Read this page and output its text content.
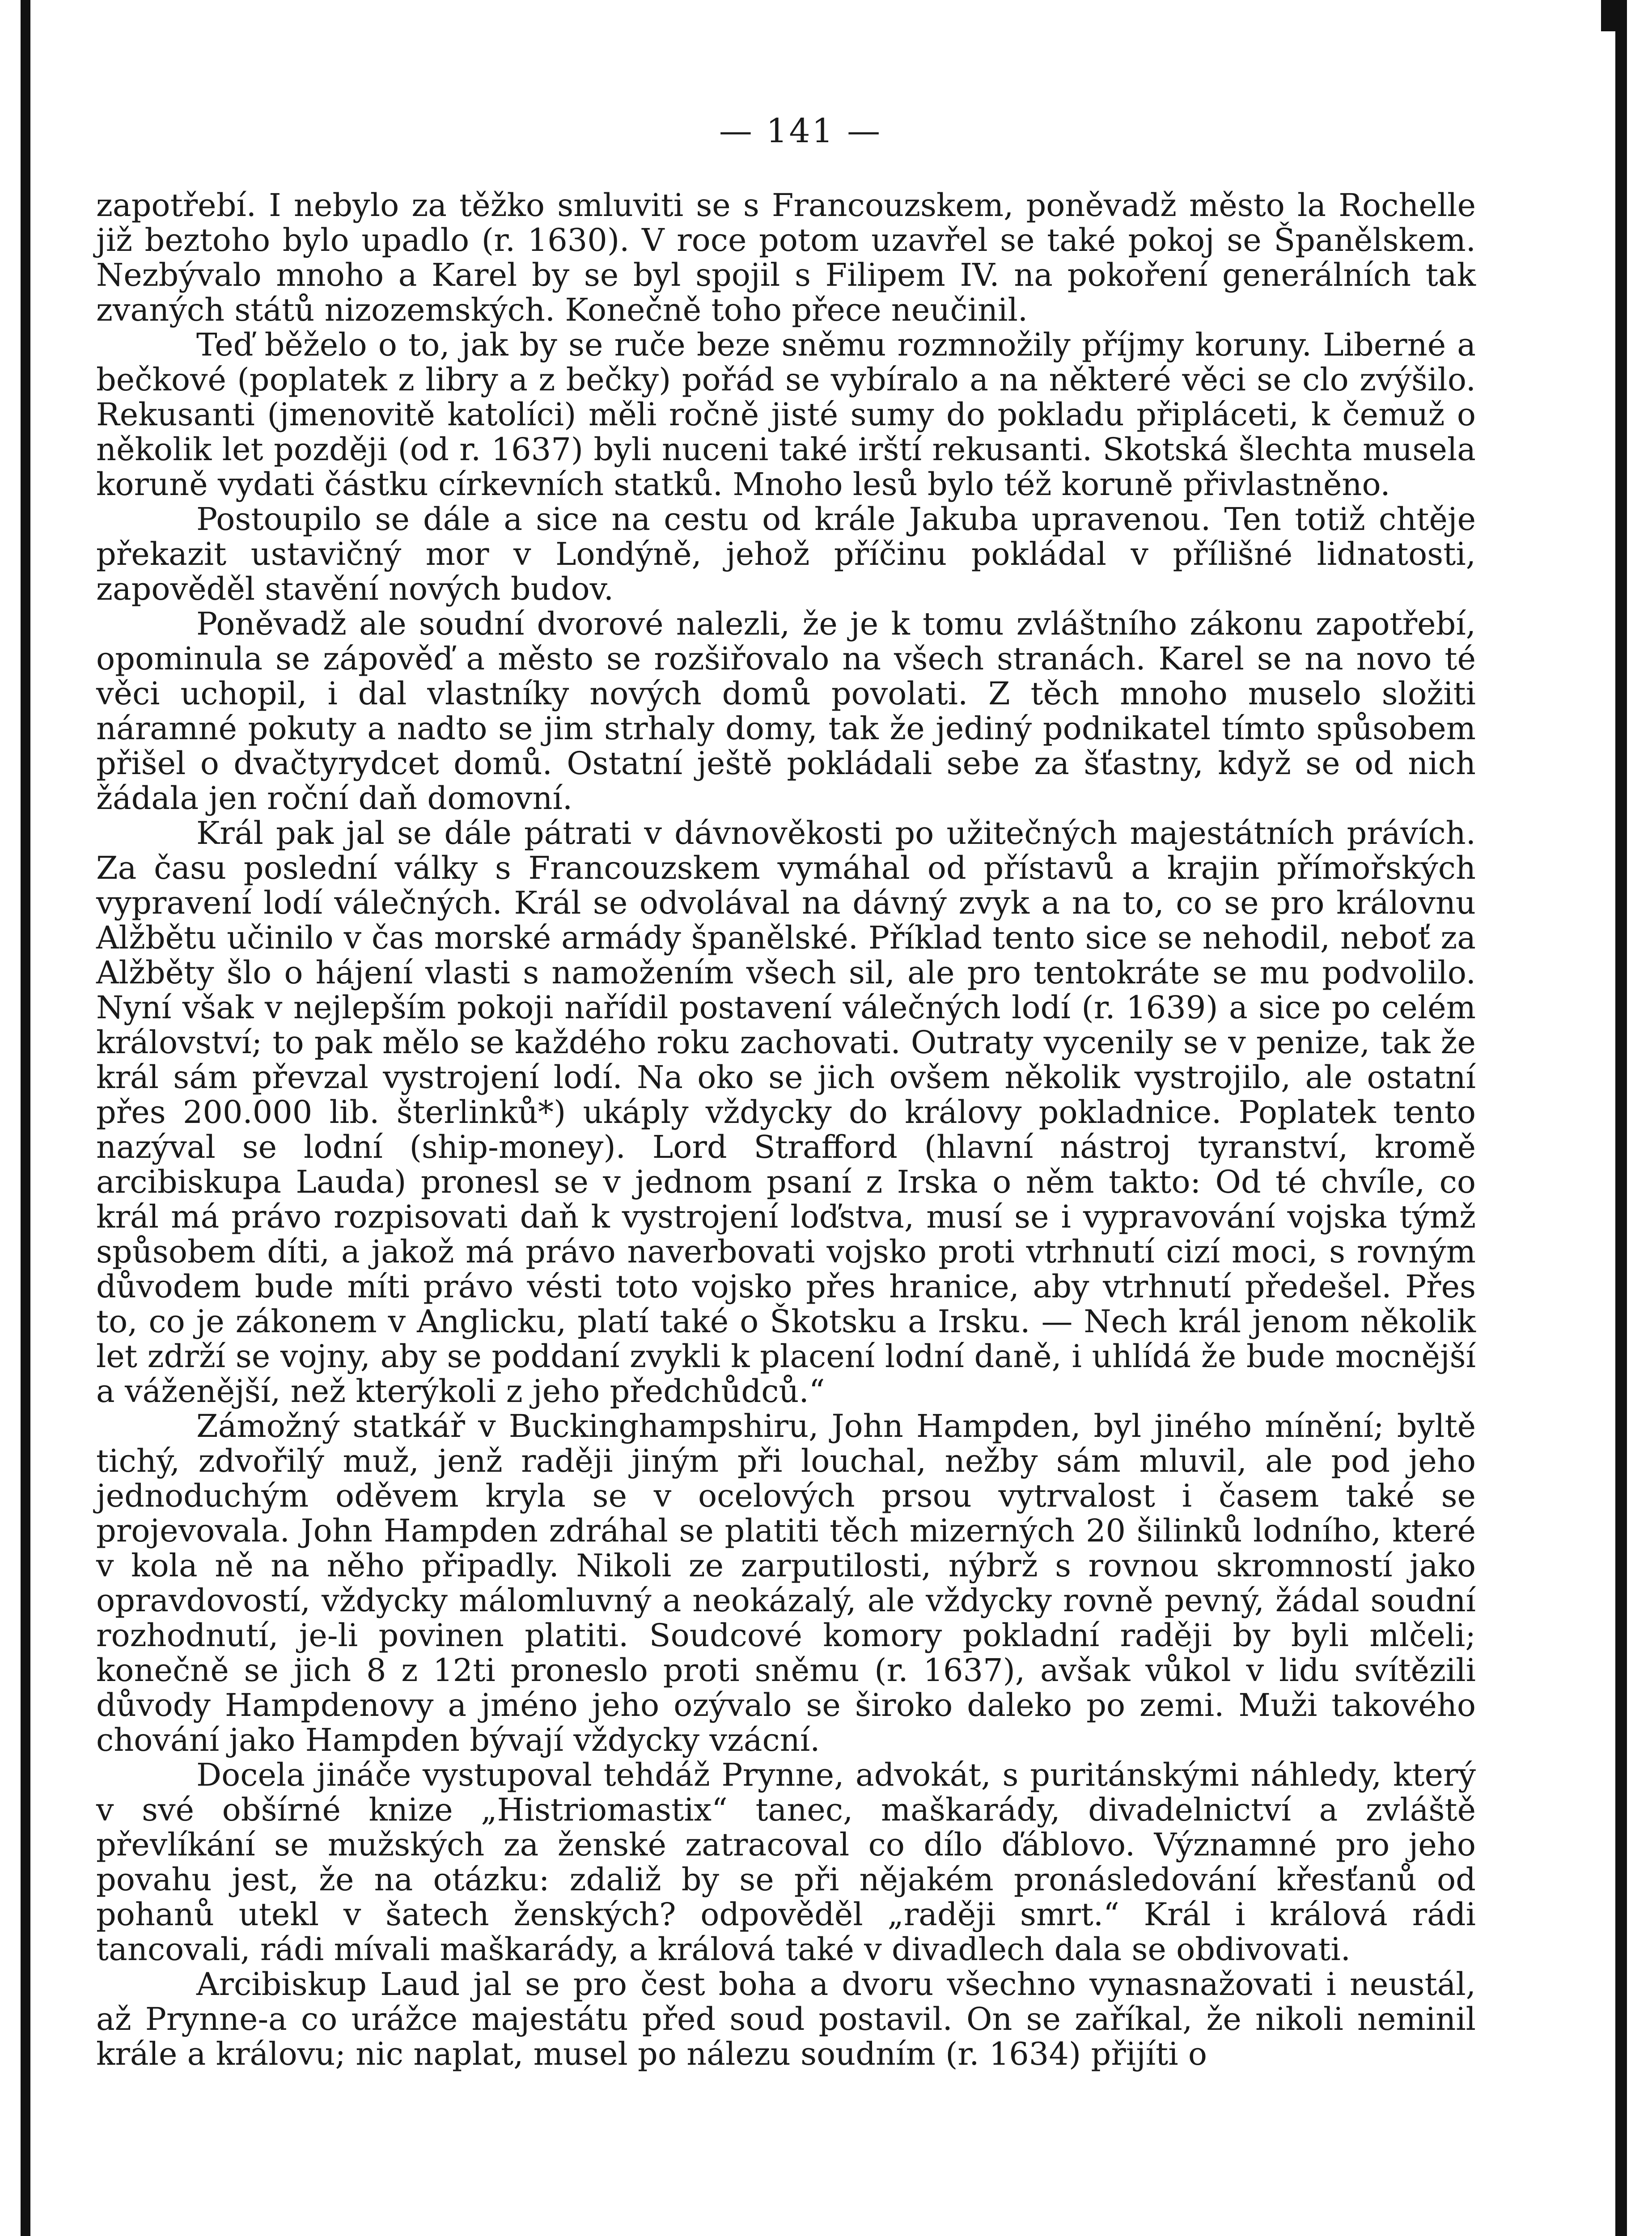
— 141 —

zapotřebí. I nebylo za těžko smluviti se s Francouzskem, poněvadž město la Rochelle již beztoho bylo upadlo (r. 1630). V roce potom uzavřel se také pokoj se Španělskem. Nezbývalo mnoho a Karel by se byl spojil s Filipem IV. na pokoření generálních tak zvaných států nizozemských. Konečně toho přece neučinil.

Teď běželo o to, jak by se ruče beze sněmu rozmnožily příjmy koruny. Liberné a bečkové (poplatek z libry a z bečky) pořád se vybíralo a na některé věci se clo zvýšilo. Rekusanti (jmenovitě katolíci) měli ročně jisté sumy do pokladu připláceti, k čemuž o několik let později (od r. 1637) byli nuceni také irští rekusanti. Skotská šlechta musela koruně vydati částku církevních statků. Mnoho lesů bylo též koruně přivlastněno.

Postoupilo se dále a sice na cestu od krále Jakuba upravenou. Ten totiž chtěje překazit ustavičný mor v Londýně, jehož příčinu pokládal v přílišné lidnatosti, zapověděl stavění nových budov.

Poněvadž ale soudní dvorové nalezli, že je k tomu zvláštního zákonu zapotřebí, opominula se zápověď a město se rozšiřovalo na všech stranách. Karel se na novo té věci uchopil, i dal vlastníky nových domů povolati. Z těch mnoho muselo složiti náramné pokuty a nadto se jim strhaly domy, tak že jediný podnikatel tímto spůsobem přišel o dvačtyrydcet domů. Ostatní ještě pokládali sebe za šťastny, když se od nich žádala jen roční daň domovní.

Král pak jal se dále pátrati v dávnověkosti po užitečných majestátních právích. Za času poslední války s Francouzskem vymáhal od přístavů a krajin přímořských vypravení lodí válečných. Král se odvolával na dávný zvyk a na to, co se pro královnu Alžbětu učinilo v čas morské armády španělské. Příklad tento sice se nehodil, neboť za Alžběty šlo o hájení vlasti s namožením všech sil, ale pro tentokráte se mu podvolilo. Nyní však v nejlepším pokoji nařídil postavení válečných lodí (r. 1639) a sice po celém království; to pak mělo se každého roku zachovati. Outraty vycenily se v penize, tak že král sám převzal vystrojení lodí. Na oko se jich ovšem několik vystrojilo, ale ostatní přes 200.000 lib. šterlinků*) ukáply vždycky do královy pokladnice. Poplatek tento nazýval se lodní (ship-money). Lord Strafford (hlavní nástroj tyranství, kromě arcibiskupa Lauda) pronesl se v jednom psaní z Irska o něm takto: Od té chvíle, co král má právo rozpisovati daň k vystrojení loďstva, musí se i vypravování vojska týmž spůsobem díti, a jakož má právo naverbovati vojsko proti vtrhnutí cizí moci, s rovným důvodem bude míti právo vésti toto vojsko přes hranice, aby vtrhnutí předešel. Přes to, co je zákonem v Anglicku, platí také o Škotsku a Irsku. — Nech král jenom několik let zdrží se vojny, aby se poddaní zvykli k placení lodní daně, i uhlídá že bude mocnější a váženější, než kterýkoli z jeho předchůdců.“

Zámožný statkář v Buckinghampshiru, John Hampden, byl jiného mínění; byltě tichý, zdvořilý muž, jenž raději jiným při louchal, nežby sám mluvil, ale pod jeho jednoduchým oděvem kryla se v ocelových prsou vytrvalost i časem také se projevovala. John Hampden zdráhal se platiti těch mizerných 20 šilinků lodního, které v kola ně na něho připadly. Nikoli ze zarputilosti, nýbrž s rovnou skromností jako opravdovostí, vždycky málomluvný a neokázalý, ale vždycky rovně pevný, žádal soudní rozhodnutí, je-li povinen platiti. Soudcové komory pokladní raději by byli mlčeli; konečně se jich 8 z 12ti proneslo proti sněmu (r. 1637), avšak vůkol v lidu svítězili důvody Hampdenovy a jméno jeho ozývalo se široko daleko po zemi. Muži takového chování jako Hampden bývají vždycky vzácní.

Docela jináče vystupoval tehdáž Prynne, advokát, s puritánskými náhledy, který v své obšírné knize „Histriomastix“ tanec, maškarády, divadelnictví a zvláště převlíkání se mužských za ženské zatracoval co dílo ďáblovo. Významné pro jeho povahu jest, že na otázku: zdaliž by se při nějakém pronásledování křesťanů od pohanů utekl v šatech ženských? odpověděl „raději smrt.“ Král i králová rádi tancovali, rádi mívali maškarády, a králová také v divadlech dala se obdivovati.

Arcibiskup Laud jal se pro čest boha a dvoru všechno vynasnažovati i neustál, až Prynne-a co urážce majestátu před soud postavil. On se zaříkal, že nikoli neminil krále a královu; nic naplat, musel po nálezu soudním (r. 1634) přijíti o
